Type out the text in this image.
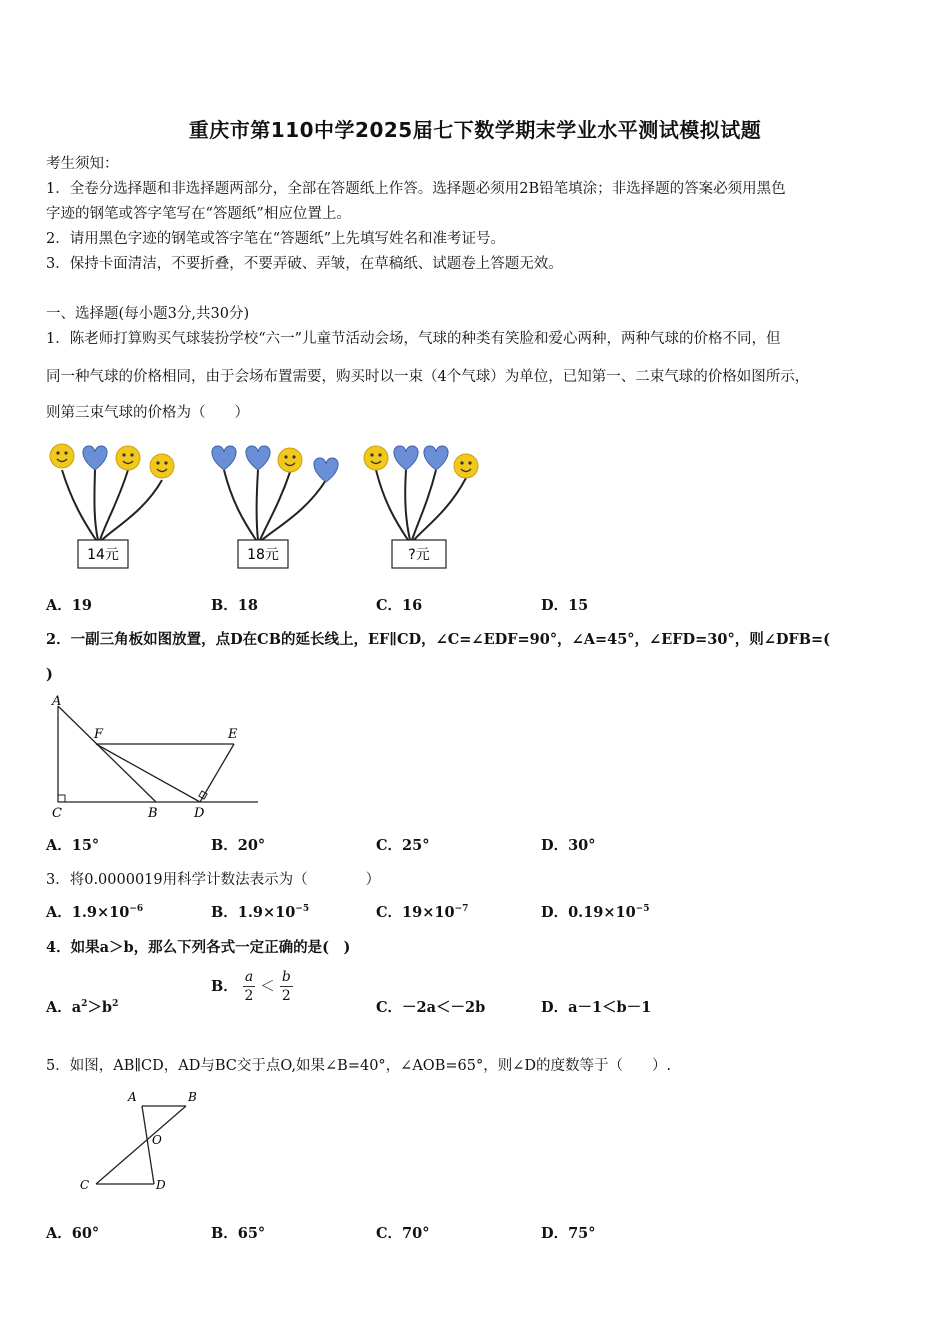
重庆市第110中学2025届七下数学期末学业水平测试模拟试题
考生须知：
1．全卷分选择题和非选择题两部分，全部在答题纸上作答。选择题必须用2B铅笔填涂；非选择题的答案必须用黑色
字迹的钢笔或答字笔写在“答题纸”相应位置上。
2．请用黑色字迹的钢笔或答字笔在“答题纸”上先填写姓名和准考证号。
3．保持卡面清洁，不要折叠，不要弄破、弄皱，在草稿纸、试题卷上答题无效。
一、选择题(每小题3分,共30分)
1．陈老师打算购买气球装扮学校“六一”儿童节活动会场，气球的种类有笑脸和爱心两种，两种气球的价格不同，但
同一种气球的价格相同，由于会场布置需要，购买时以一束（4个气球）为单位，已知第一、二束气球的价格如图所示，
则第三束气球的价格为（　　）
14元	18元	?元
A．19	B．18	C．16	D．15
2．一副三角板如图放置，点D在CB的延长线上，EF∥CD，∠C=∠EDF=90°，∠A=45°，∠EFD=30°，则∠DFB=(
)
A
F	E
C	B	D
A．15°	B．20°	C．25°	D．30°
3．将0.0000019用科学计数法表示为（　　　　）
A．$1.9\times 10^{-6}$	B．$1.9\times 10^{-5}$	C．$19\times 10^{-7}$	D．$0.19\times 10^{-5}$
4．如果a＞b，那么下列各式一定正确的是(　)
A．$a^2>b^2$
B． $\frac{a}{2} < \frac{b}{2}$
C．－2a＜－2b	D．a－1＜b－1
5．如图，AB∥CD，AD与BC交于点O,如果∠B=40°，∠AOB=65°，则∠D的度数等于（　　）.
A	B
O
C	D
A．60°	B．65°	C．70°	D．75°
